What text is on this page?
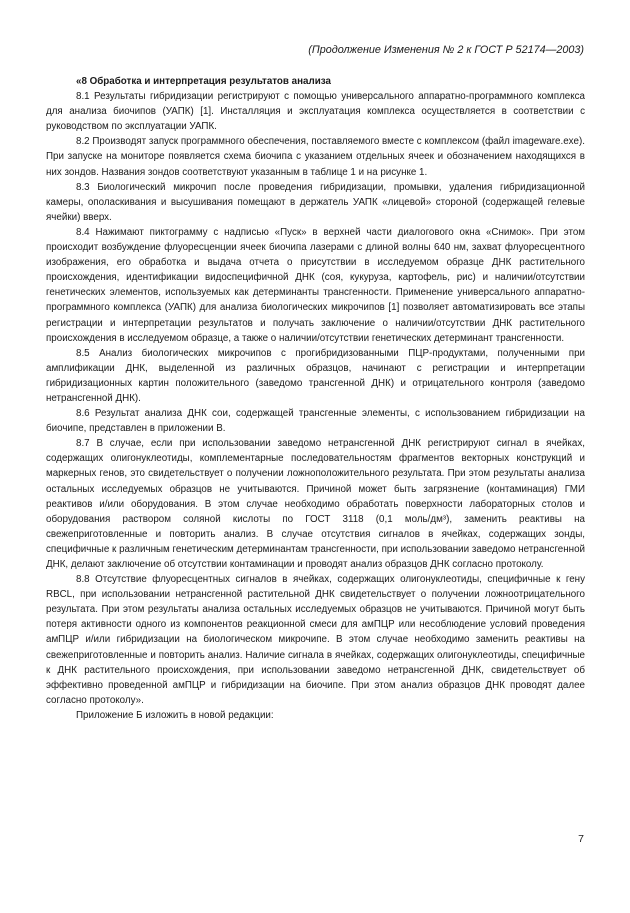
(Продолжение Изменения № 2 к ГОСТ Р 52174—2003)

«8 Обработка и интерпретация результатов анализа

8.1 Результаты гибридизации регистрируют с помощью универсального аппаратно-программного комплекса для анализа биочипов (УАПК) [1]. Инсталляция и эксплуатация комплекса осуществляется в соответствии с руководством по эксплуатации УАПК.

8.2 Производят запуск программного обеспечения, поставляемого вместе с комплексом (файл imageware.exe). При запуске на мониторе появляется схема биочипа с указанием отдельных ячеек и обозначением находящихся в них зондов. Названия зондов соответствуют указанным в таблице 1 и на рисунке 1.

8.3 Биологический микрочип после проведения гибридизации, промывки, удаления гибридизационной камеры, ополаскивания и высушивания помещают в держатель УАПК «лицевой» стороной (содержащей гелевые ячейки) вверх.

8.4 Нажимают пиктограмму с надписью «Пуск» в верхней части диалогового окна «Снимок». При этом происходит возбуждение флуоресценции ячеек биочипа лазерами с длиной волны 640 нм, захват флуоресцентного изображения, его обработка и выдача отчета о присутствии в исследуемом образце ДНК растительного происхождения, идентификации видоспецифичной ДНК (соя, кукуруза, картофель, рис) и наличии/отсутствии генетических элементов, используемых как детерминанты трансгенности. Применение универсального аппаратно-программного комплекса (УАПК) для анализа биологических микрочипов [1] позволяет автоматизировать все этапы регистрации и интерпретации результатов и получать заключение о наличии/отсутствии ДНК растительного происхождения в исследуемом образце, а также о наличии/отсутствии генетических детерминант трансгенности.

8.5 Анализ биологических микрочипов с прогибридизованными ПЦР-продуктами, полученными при амплификации ДНК, выделенной из различных образцов, начинают с регистрации и интерпретации гибридизационных картин положительного (заведомо трансгенной ДНК) и отрицательного контроля (заведомо нетрансгенной ДНК).

8.6 Результат анализа ДНК сои, содержащей трансгенные элементы, с использованием гибридизации на биочипе, представлен в приложении В.

8.7 В случае, если при использовании заведомо нетрансгенной ДНК регистрируют сигнал в ячейках, содержащих олигонуклеотиды, комплементарные последовательностям фрагментов векторных конструкций и маркерных генов, это свидетельствует о получении ложноположительного результата. При этом результаты анализа остальных исследуемых образцов не учитываются. Причиной может быть загрязнение (контаминация) ГМИ реактивов и/или оборудования. В этом случае необходимо обработать поверхности лабораторных столов и оборудования раствором соляной кислоты по ГОСТ 3118 (0,1 моль/дм³), заменить реактивы на свежеприготовленные и повторить анализ. В случае отсутствия сигналов в ячейках, содержащих зонды, специфичные к различным генетическим детерминантам трансгенности, при использовании заведомо нетрансгенной ДНК, делают заключение об отсутствии контаминации и проводят анализ образцов ДНК согласно протоколу.

8.8 Отсутствие флуоресцентных сигналов в ячейках, содержащих олигонуклеотиды, специфичные к гену RBCL, при использовании нетрансгенной растительной ДНК свидетельствует о получении ложноотрицательного результата. При этом результаты анализа остальных исследуемых образцов не учитываются. Причиной могут быть потеря активности одного из компонентов реакционной смеси для амПЦР или несоблюдение условий проведения амПЦР и/или гибридизации на биологическом микрочипе. В этом случае необходимо заменить реактивы на свежеприготовленные и повторить анализ. Наличие сигнала в ячейках, содержащих олигонуклеотиды, специфичные к ДНК растительного происхождения, при использовании заведомо нетрансгенной ДНК, свидетельствует об эффективно проведенной амПЦР и гибридизации на биочипе. При этом анализ образцов ДНК проводят далее согласно протоколу».

Приложение Б изложить в новой редакции:

7
